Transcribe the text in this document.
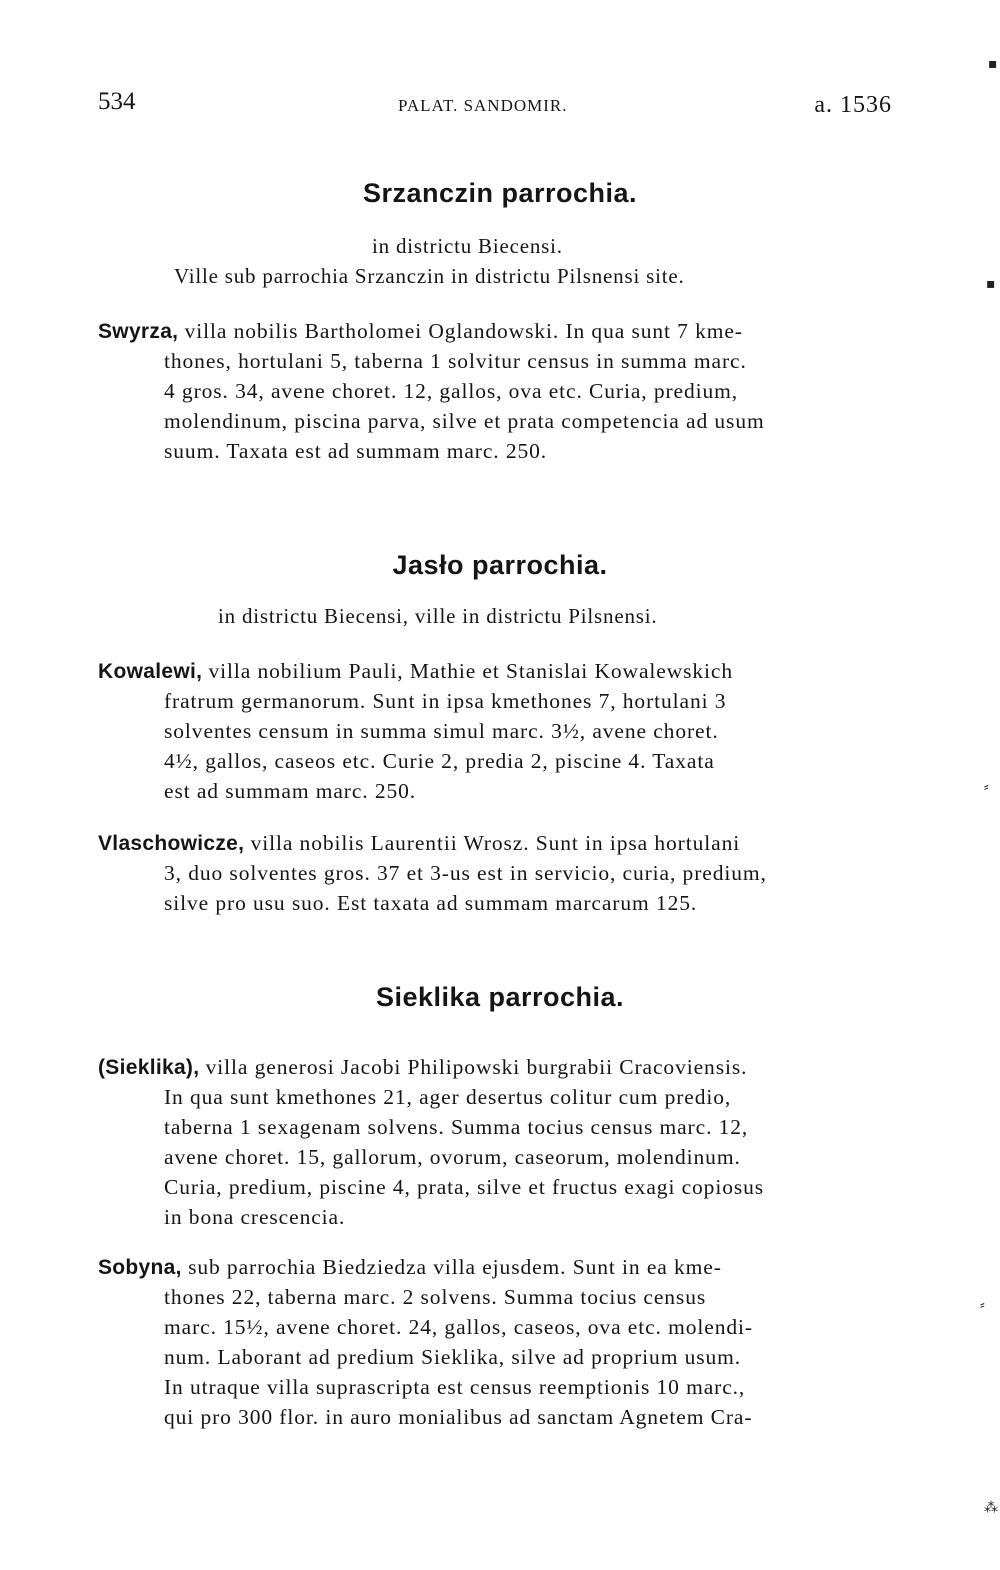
534	PALAT. SANDOMIR.	a. 1536
Srzanczin parrochia.
in districtu Biecensi.
Ville sub parrochia Srzanczin in districtu Pilsnensi site.
Swyrza, villa nobilis Bartholomei Oglandowski. In qua sunt 7 kme-
thones, hortulani 5, taberna 1 solvitur census in summa marc.
4 gros. 34, avene choret. 12, gallos, ova etc. Curia, predium,
molendinum, piscina parva, silve et prata competencia ad usum
suum. Taxata est ad summam marc. 250.
Jasło parrochia.
in districtu Biecensi, ville in districtu Pilsnensi.
Kowalewi, villa nobilium Pauli, Mathie et Stanislai Kowalewskich
fratrum germanorum. Sunt in ipsa kmethones 7, hortulani 3
solventes censum in summa simul marc. 3½, avene choret.
4½, gallos, caseos etc. Curie 2, predia 2, piscine 4. Taxata
est ad summam marc. 250.
Vlaschowicze, villa nobilis Laurentii Wrosz. Sunt in ipsa hortulani
3, duo solventes gros. 37 et 3-us est in servicio, curia, predium,
silve pro usu suo. Est taxata ad summam marcarum 125.
Sieklika parrochia.
(Sieklika), villa generosi Jacobi Philipowski burgrabii Cracoviensis.
In qua sunt kmethones 21, ager desertus colitur cum predio,
taberna 1 sexagenam solvens. Summa tocius census marc. 12,
avene choret. 15, gallorum, ovorum, caseorum, molendinum.
Curia, predium, piscine 4, prata, silve et fructus exagi copiosus
in bona crescencia.
Sobyna, sub parrochia Biedziedza villa ejusdem. Sunt in ea kme-
thones 22, taberna marc. 2 solvens. Summa tocius census
marc. 15½, avene choret. 24, gallos, caseos, ova etc. molendi-
num. Laborant ad predium Sieklika, silve ad proprium usum.
In utraque villa suprascripta est census reemptionis 10 marc.,
qui pro 300 flor. in auro monialibus ad sanctam Agnetem Cra-
▪
▪
⸗
⸗
⁂
